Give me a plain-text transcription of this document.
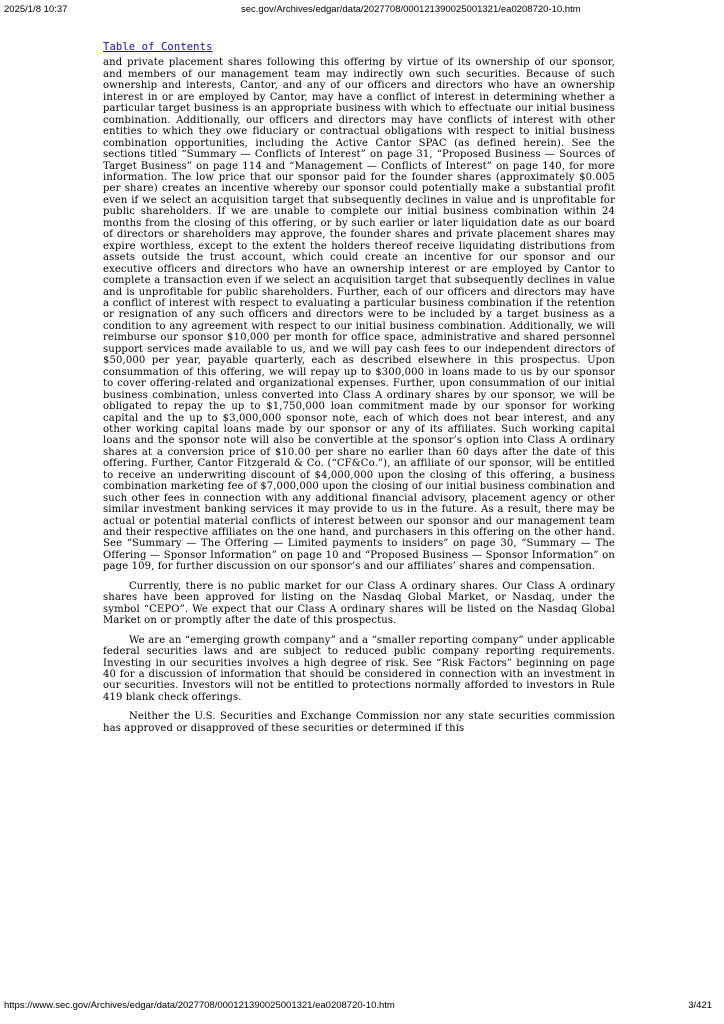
2025/1/8 10:37	sec.gov/Archives/edgar/data/2027708/000121390025001321/ea0208720-10.htm
Table of Contents

and private placement shares following this offering by virtue of its ownership of our sponsor, and members of our management team may indirectly own such securities. Because of such ownership and interests, Cantor, and any of our officers and directors who have an ownership interest in or are employed by Cantor, may have a conflict of interest in determining whether a particular target business is an appropriate business with which to effectuate our initial business combination. Additionally, our officers and directors may have conflicts of interest with other entities to which they owe fiduciary or contractual obligations with respect to initial business combination opportunities, including the Active Cantor SPAC (as defined herein). See the sections titled “Summary — Conflicts of Interest” on page 31, “Proposed Business — Sources of Target Business” on page 114 and “Management — Conflicts of Interest” on page 140, for more information. The low price that our sponsor paid for the founder shares (approximately $0.005 per share) creates an incentive whereby our sponsor could potentially make a substantial profit even if we select an acquisition target that subsequently declines in value and is unprofitable for public shareholders. If we are unable to complete our initial business combination within 24 months from the closing of this offering, or by such earlier or later liquidation date as our board of directors or shareholders may approve, the founder shares and private placement shares may expire worthless, except to the extent the holders thereof receive liquidating distributions from assets outside the trust account, which could create an incentive for our sponsor and our executive officers and directors who have an ownership interest or are employed by Cantor to complete a transaction even if we select an acquisition target that subsequently declines in value and is unprofitable for public shareholders. Further, each of our officers and directors may have a conflict of interest with respect to evaluating a particular business combination if the retention or resignation of any such officers and directors were to be included by a target business as a condition to any agreement with respect to our initial business combination. Additionally, we will reimburse our sponsor $10,000 per month for office space, administrative and shared personnel support services made available to us, and we will pay cash fees to our independent directors of $50,000 per year, payable quarterly, each as described elsewhere in this prospectus. Upon consummation of this offering, we will repay up to $300,000 in loans made to us by our sponsor to cover offering-related and organizational expenses. Further, upon consummation of our initial business combination, unless converted into Class A ordinary shares by our sponsor, we will be obligated to repay the up to $1,750,000 loan commitment made by our sponsor for working capital and the up to $3,000,000 sponsor note, each of which does not bear interest, and any other working capital loans made by our sponsor or any of its affiliates. Such working capital loans and the sponsor note will also be convertible at the sponsor’s option into Class A ordinary shares at a conversion price of $10.00 per share no earlier than 60 days after the date of this offering. Further, Cantor Fitzgerald & Co. (“CF&Co.”), an affiliate of our sponsor, will be entitled to receive an underwriting discount of $4,000,000 upon the closing of this offering, a business combination marketing fee of $7,000,000 upon the closing of our initial business combination and such other fees in connection with any additional financial advisory, placement agency or other similar investment banking services it may provide to us in the future. As a result, there may be actual or potential material conflicts of interest between our sponsor and our management team and their respective affiliates on the one hand, and purchasers in this offering on the other hand. See “Summary — The Offering — Limited payments to insiders” on page 30, “Summary — The Offering — Sponsor Information” on page 10 and “Proposed Business — Sponsor Information” on page 109, for further discussion on our sponsor’s and our affiliates’ shares and compensation.

Currently, there is no public market for our Class A ordinary shares. Our Class A ordinary shares have been approved for listing on the Nasdaq Global Market, or Nasdaq, under the symbol “CEPO”. We expect that our Class A ordinary shares will be listed on the Nasdaq Global Market on or promptly after the date of this prospectus.

We are an “emerging growth company” and a “smaller reporting company” under applicable federal securities laws and are subject to reduced public company reporting requirements. Investing in our securities involves a high degree of risk. See “Risk Factors” beginning on page 40 for a discussion of information that should be considered in connection with an investment in our securities. Investors will not be entitled to protections normally afforded to investors in Rule 419 blank check offerings.

Neither the U.S. Securities and Exchange Commission nor any state securities commission has approved or disapproved of these securities or determined if this

https://www.sec.gov/Archives/edgar/data/2027708/000121390025001321/ea0208720-10.htm	3/421
